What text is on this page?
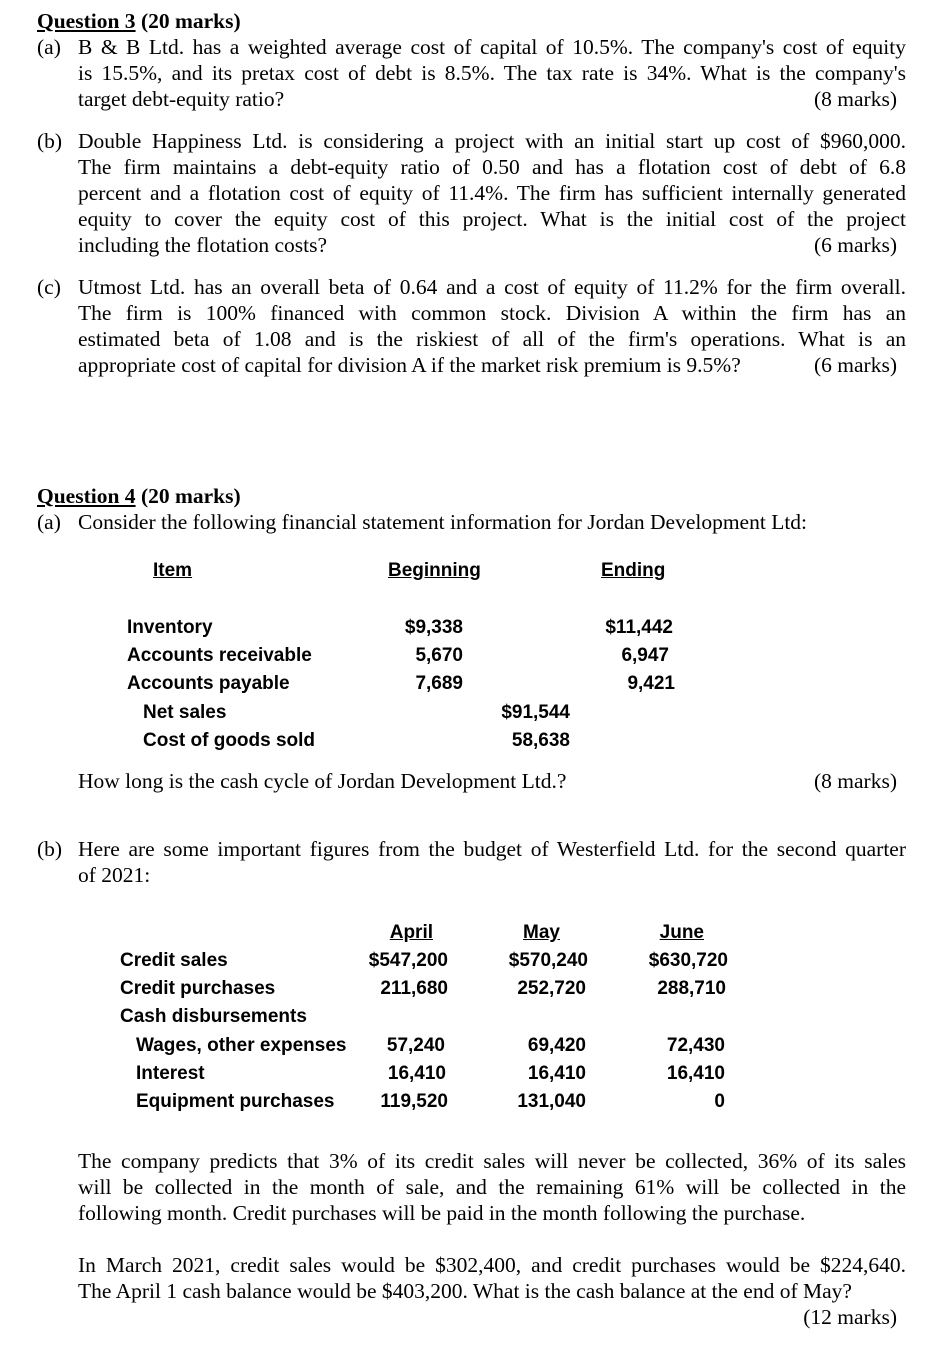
Question 3 (20 marks)
(a) B & B Ltd. has a weighted average cost of capital of 10.5%. The company's cost of equity
is 15.5%, and its pretax cost of debt is 8.5%. The tax rate is 34%. What is the company's
target debt-equity ratio?	(8 marks)
(b) Double Happiness Ltd. is considering a project with an initial start up cost of $960,000.
The firm maintains a debt-equity ratio of 0.50 and has a flotation cost of debt of 6.8
percent and a flotation cost of equity of 11.4%. The firm has sufficient internally generated
equity to cover the equity cost of this project. What is the initial cost of the project
including the flotation costs?	(6 marks)
(c) Utmost Ltd. has an overall beta of 0.64 and a cost of equity of 11.2% for the firm overall.
The firm is 100% financed with common stock. Division A within the firm has an
estimated beta of 1.08 and is the riskiest of all of the firm's operations. What is an
appropriate cost of capital for division A if the market risk premium is 9.5%?	(6 marks)
Question 4 (20 marks)
(a) Consider the following financial statement information for Jordan Development Ltd:
Item	Beginning	Ending
Inventory	$9,338	$11,442
Accounts receivable	5,670	6,947
Accounts payable	7,689	9,421
Net sales	$91,544
Cost of goods sold	58,638
How long is the cash cycle of Jordan Development Ltd.?	(8 marks)
(b) Here are some important figures from the budget of Westerfield Ltd. for the second quarter
of 2021:
April	May	June
Credit sales	$547,200	$570,240	$630,720
Credit purchases	211,680	252,720	288,710
Cash disbursements
Wages, other expenses 57,240	69,420	72,430
Interest	16,410	16,410	16,410
Equipment purchases 119,520	131,040	0
The company predicts that 3% of its credit sales will never be collected, 36% of its sales
will be collected in the month of sale, and the remaining 61% will be collected in the
following month. Credit purchases will be paid in the month following the purchase.
In March 2021, credit sales would be $302,400, and credit purchases would be $224,640.
The April 1 cash balance would be $403,200. What is the cash balance at the end of May?
(12 marks)
